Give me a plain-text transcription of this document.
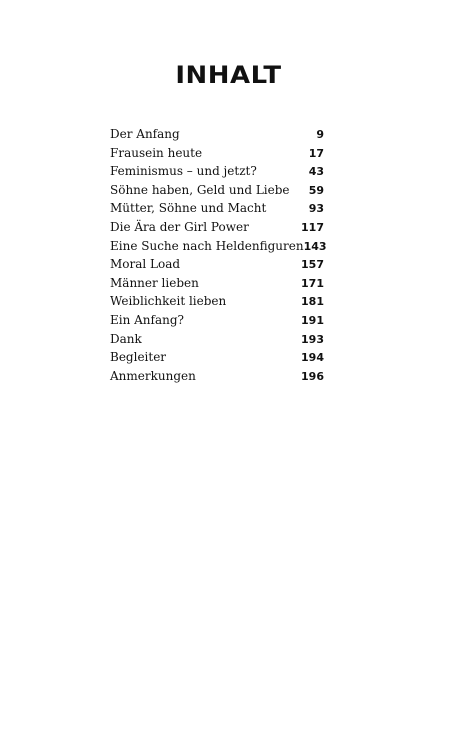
INHALT
Der Anfang	9
Frausein heute	17
Feminismus – und jetzt?	43
Söhne haben, Geld und Liebe 59
Mütter, Söhne und Macht	93
Die Ära der Girl Power	117
Eine Suche nach Heldenfiguren 143
Moral Load	157
Männer lieben	171
Weiblichkeit lieben	181
Ein Anfang?	191
Dank	193
Begleiter	194
Anmerkungen	196
